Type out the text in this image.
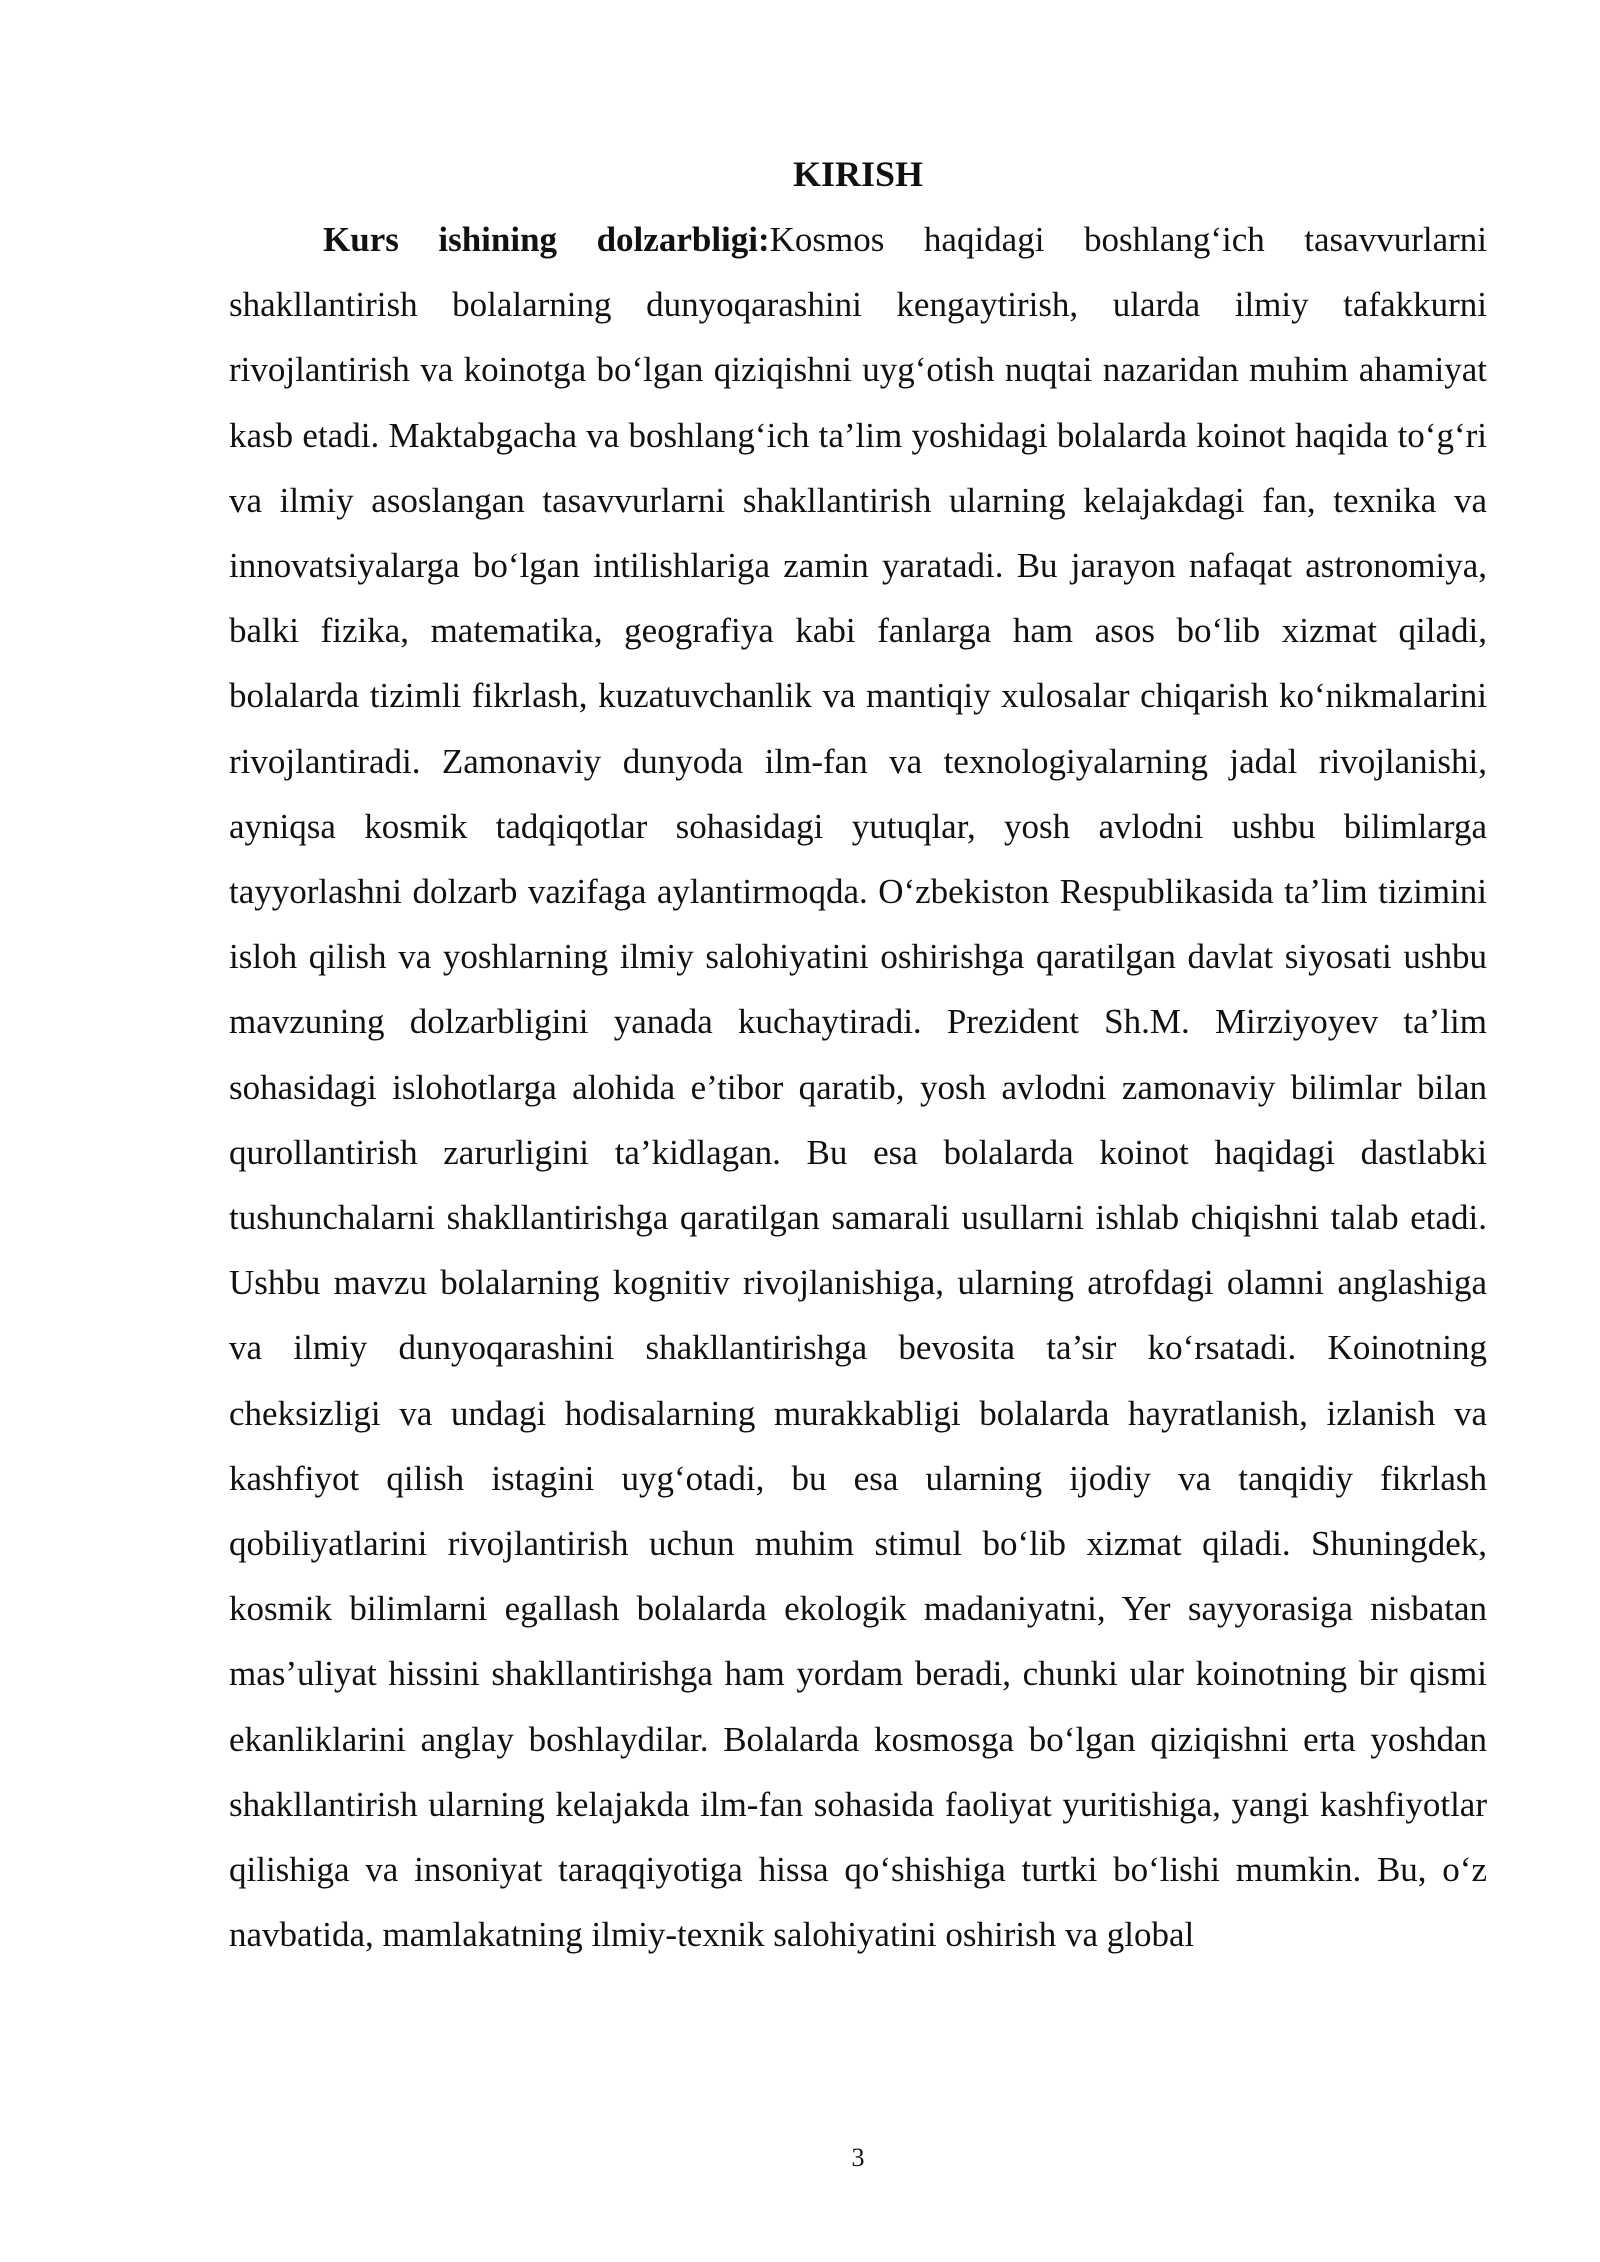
KIRISH

Kurs ishining dolzarbligi:Kosmos haqidagi boshlang‘ich tasavvurlarni shakllantirish bolalarning dunyoqarashini kengaytirish, ularda ilmiy tafakkurni rivojlantirish va koinotga bo‘lgan qiziqishni uyg‘otish nuqtai nazaridan muhim ahamiyat kasb etadi. Maktabgacha va boshlang‘ich ta’lim yoshidagi bolalarda koinot haqida to‘g‘ri va ilmiy asoslangan tasavvurlarni shakllantirish ularning kelajakdagi fan, texnika va innovatsiyalarga bo‘lgan intilishlariga zamin yaratadi. Bu jarayon nafaqat astronomiya, balki fizika, matematika, geografiya kabi fanlarga ham asos bo‘lib xizmat qiladi, bolalarda tizimli fikrlash, kuzatuvchanlik va mantiqiy xulosalar chiqarish ko‘nikmalarini rivojlantiradi. Zamonaviy dunyoda ilm-fan va texnologiyalarning jadal rivojlanishi, ayniqsa kosmik tadqiqotlar sohasidagi yutuqlar, yosh avlodni ushbu bilimlarga tayyorlashni dolzarb vazifaga aylantirmoqda. O‘zbekiston Respublikasida ta’lim tizimini isloh qilish va yoshlarning ilmiy salohiyatini oshirishga qaratilgan davlat siyosati ushbu mavzuning dolzarbligini yanada kuchaytiradi. Prezident Sh.M. Mirziyoyev ta’lim sohasidagi islohotlarga alohida e’tibor qaratib, yosh avlodni zamonaviy bilimlar bilan qurollantirish zarurligini ta’kidlagan. Bu esa bolalarda koinot haqidagi dastlabki tushunchalarni shakllantirishga qaratilgan samarali usullarni ishlab chiqishni talab etadi. Ushbu mavzu bolalarning kognitiv rivojlanishiga, ularning atrofdagi olamni anglashiga va ilmiy dunyoqarashini shakllantirishga bevosita ta’sir ko‘rsatadi. Koinotning cheksizligi va undagi hodisalarning murakkabligi bolalarda hayratlanish, izlanish va kashfiyot qilish istagini uyg‘otadi, bu esa ularning ijodiy va tanqidiy fikrlash qobiliyatlarini rivojlantirish uchun muhim stimul bo‘lib xizmat qiladi. Shuningdek, kosmik bilimlarni egallash bolalarda ekologik madaniyatni, Yer sayyorasiga nisbatan mas’uliyat hissini shakllantirishga ham yordam beradi, chunki ular koinotning bir qismi ekanliklarini anglay boshlaydilar. Bolalarda kosmosga bo‘lgan qiziqishni erta yoshdan shakllantirish ularning kelajakda ilm-fan sohasida faoliyat yuritishiga, yangi kashfiyotlar qilishiga va insoniyat taraqqiyotiga hissa qo‘shishiga turtki bo‘lishi mumkin. Bu, o‘z navbatida, mamlakatning ilmiy-texnik salohiyatini oshirish va global

3
